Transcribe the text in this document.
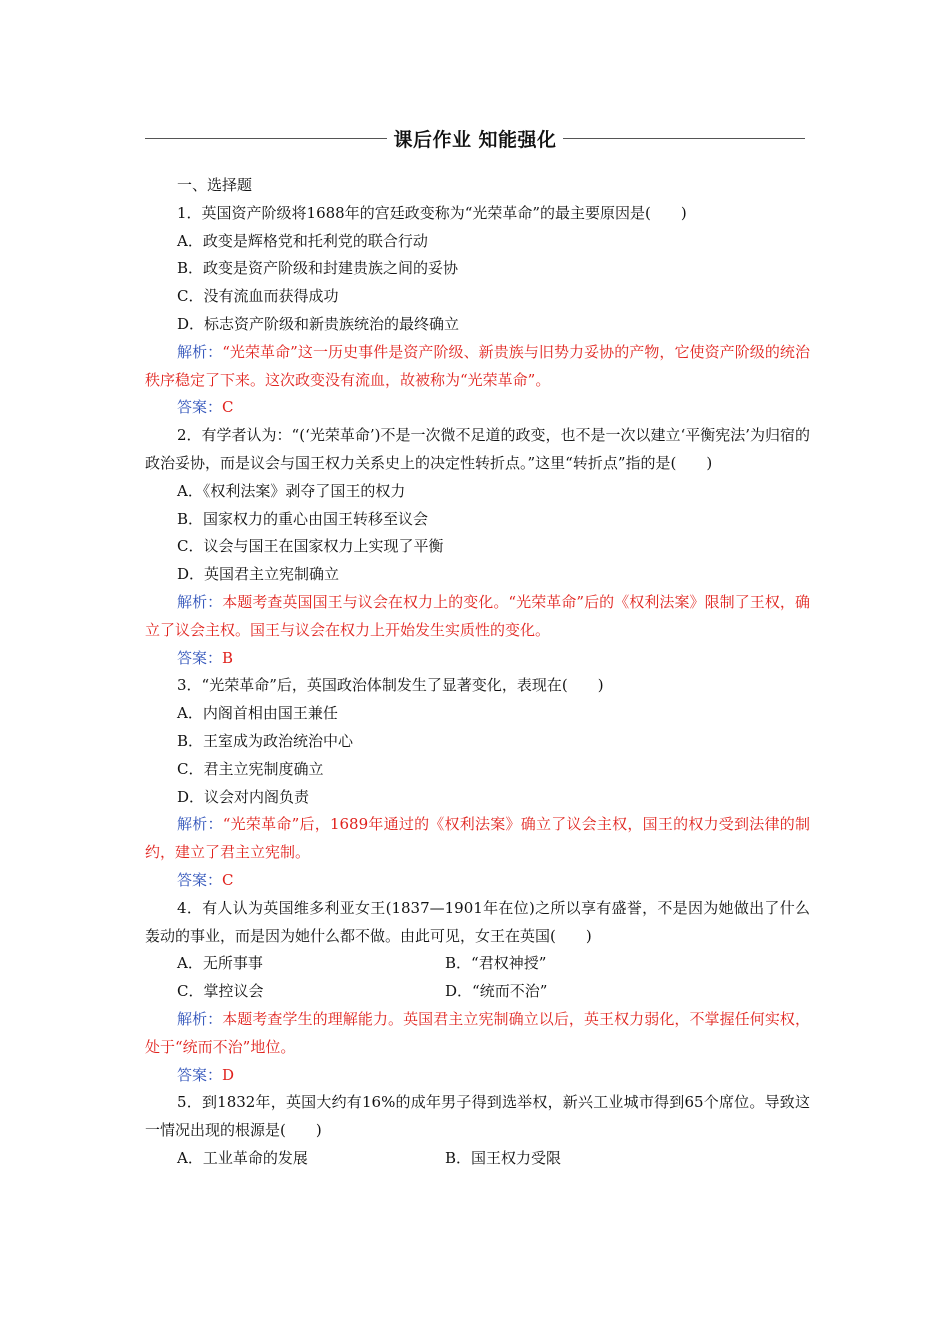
课后作业 知能强化

一、选择题

1．英国资产阶级将1688年的宫廷政变称为“光荣革命”的最主要原因是(　　)

A．政变是辉格党和托利党的联合行动

B．政变是资产阶级和封建贵族之间的妥协

C．没有流血而获得成功

D．标志资产阶级和新贵族统治的最终确立

解析：“光荣革命”这一历史事件是资产阶级、新贵族与旧势力妥协的产物，它使资产阶级的统治秩序稳定了下来。这次政变没有流血，故被称为“光荣革命”。

答案：C

2．有学者认为：“(‘光荣革命’)不是一次微不足道的政变，也不是一次以建立‘平衡宪法’为归宿的政治妥协，而是议会与国王权力关系史上的决定性转折点。”这里“转折点”指的是(　　)

A．《权利法案》剥夺了国王的权力

B．国家权力的重心由国王转移至议会

C．议会与国王在国家权力上实现了平衡

D．英国君主立宪制确立

解析：本题考查英国国王与议会在权力上的变化。“光荣革命”后的《权利法案》限制了王权，确立了议会主权。国王与议会在权力上开始发生实质性的变化。

答案：B

3．“光荣革命”后，英国政治体制发生了显著变化，表现在(　　)

A．内阁首相由国王兼任

B．王室成为政治统治中心

C．君主立宪制度确立

D．议会对内阁负责

解析：“光荣革命”后，1689年通过的《权利法案》确立了议会主权，国王的权力受到法律的制约，建立了君主立宪制。

答案：C

4．有人认为英国维多利亚女王(1837—1901年在位)之所以享有盛誉，不是因为她做出了什么轰动的事业，而是因为她什么都不做。由此可见，女王在英国(　　)

A．无所事事	B．“君权神授”
C．掌控议会	D．“统而不治”

解析：本题考查学生的理解能力。英国君主立宪制确立以后，英王权力弱化，不掌握任何实权，处于“统而不治”地位。

答案：D

5．到1832年，英国大约有16%的成年男子得到选举权，新兴工业城市得到65个席位。导致这一情况出现的根源是(　　)

A．工业革命的发展	B．国王权力受限
